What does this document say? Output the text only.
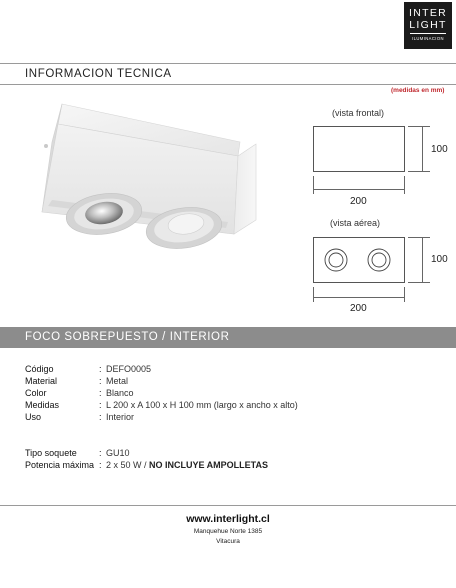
INTER
LIGHT
ILUMINACION
INFORMACION TECNICA
(medidas en mm)
(vista frontal)
100
200
(vista aérea)
100
200
FOCO SOBREPUESTO / INTERIOR
Código	: DEFO0005
Material	: Metal
Color	: Blanco
Medidas	: L 200 x A 100 x H 100 mm (largo x ancho x alto)
Uso	: Interior
Tipo soquete : GU10
Potencia máxima : 2 x 50 W / NO INCLUYE AMPOLLETAS
www.interlight.cl
Manquehue Norte 1385
Vitacura
